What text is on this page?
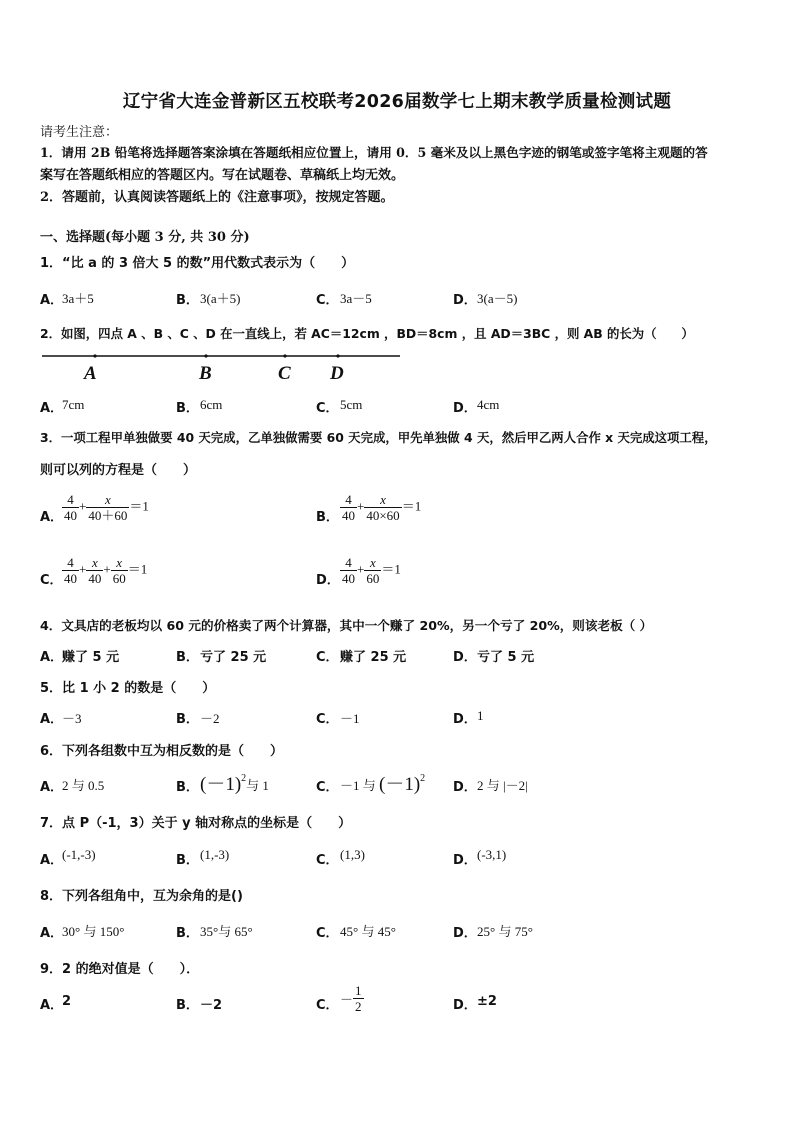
辽宁省大连金普新区五校联考2026届数学七上期末教学质量检测试题
请考生注意：
1．请用 2B 铅笔将选择题答案涂填在答题纸相应位置上，请用 0．5 毫米及以上黑色字迹的钢笔或签字笔将主观题的答
案写在答题纸相应的答题区内。写在试题卷、草稿纸上均无效。
2．答题前，认真阅读答题纸上的《注意事项》，按规定答题。
一、选择题(每小题 3 分, 共 30 分)
1．“比 a 的 3 倍大 5 的数”用代数式表示为（　　）
A．
3a＋5	B． 3(a＋5)	C． 3a－5	D． 3(a－5)
2．如图，四点 A 、B 、C 、D 在一直线上，若 AC＝12cm ，BD＝8cm ，且 AD＝3BC ，则 AB 的长为（　　）
A	B	C D
A．
7cm	B． 6cm	C． 5cm	D． 4cm
3．一项工程甲单独做要 40 天完成，乙单独做需要 60 天完成，甲先单独做 4 天，然后甲乙两人合作 x 天完成这项工程，
则可以列的方程是（　　）
A．
$\frac{4}{40} + \frac{x}{40+60} =1$
B． $\frac{4}{40} + \frac{x}{40\times 60} =1$
C． $\frac{4}{40} + \frac{x}{40} + \frac{x}{60} =1$
D． $\frac{4}{40} + \frac{x}{60} =1$
4．文具店的老板均以 60 元的价格卖了两个计算器，其中一个赚了 20%，另一个亏了 20%，则该老板（ ）
A．
赚了 5 元	B． 亏了 25 元	C． 赚了 25 元	D． 亏了 5 元
5．比 1 小 2 的数是（　　）
A．
－3	B． －2	C． －1	D． 1
6．下列各组数中互为相反数的是（　　）
A．
2 与 0.5	B． $(-1)^2$与 1	C． －1 与 $(-1)^2$
D． 2 与 |－2|
7．点 P（-1，3）关于 y 轴对称点的坐标是（　　）
A．
(-1,-3)	B． (1,-3)	C． (1,3)	D． (-3,1)
8．下列各组角中，互为余角的是()
A．
30° 与 150°	B． 35°与 65°	C． 45° 与 45°	D． 25° 与 75°
9．2 的绝对值是（　　）．
A．
2	B． －2	C． － $\frac{1}{2}$	D． ±2
